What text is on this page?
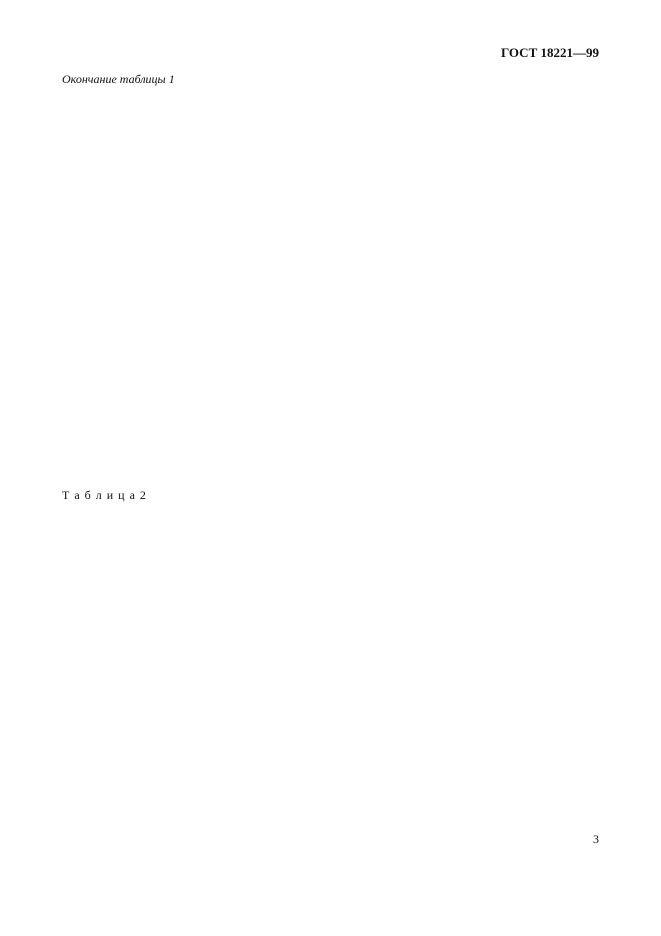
ГОСТ 18221—99
Окончание таблицы 1
Т а б л и ц а 2
3
